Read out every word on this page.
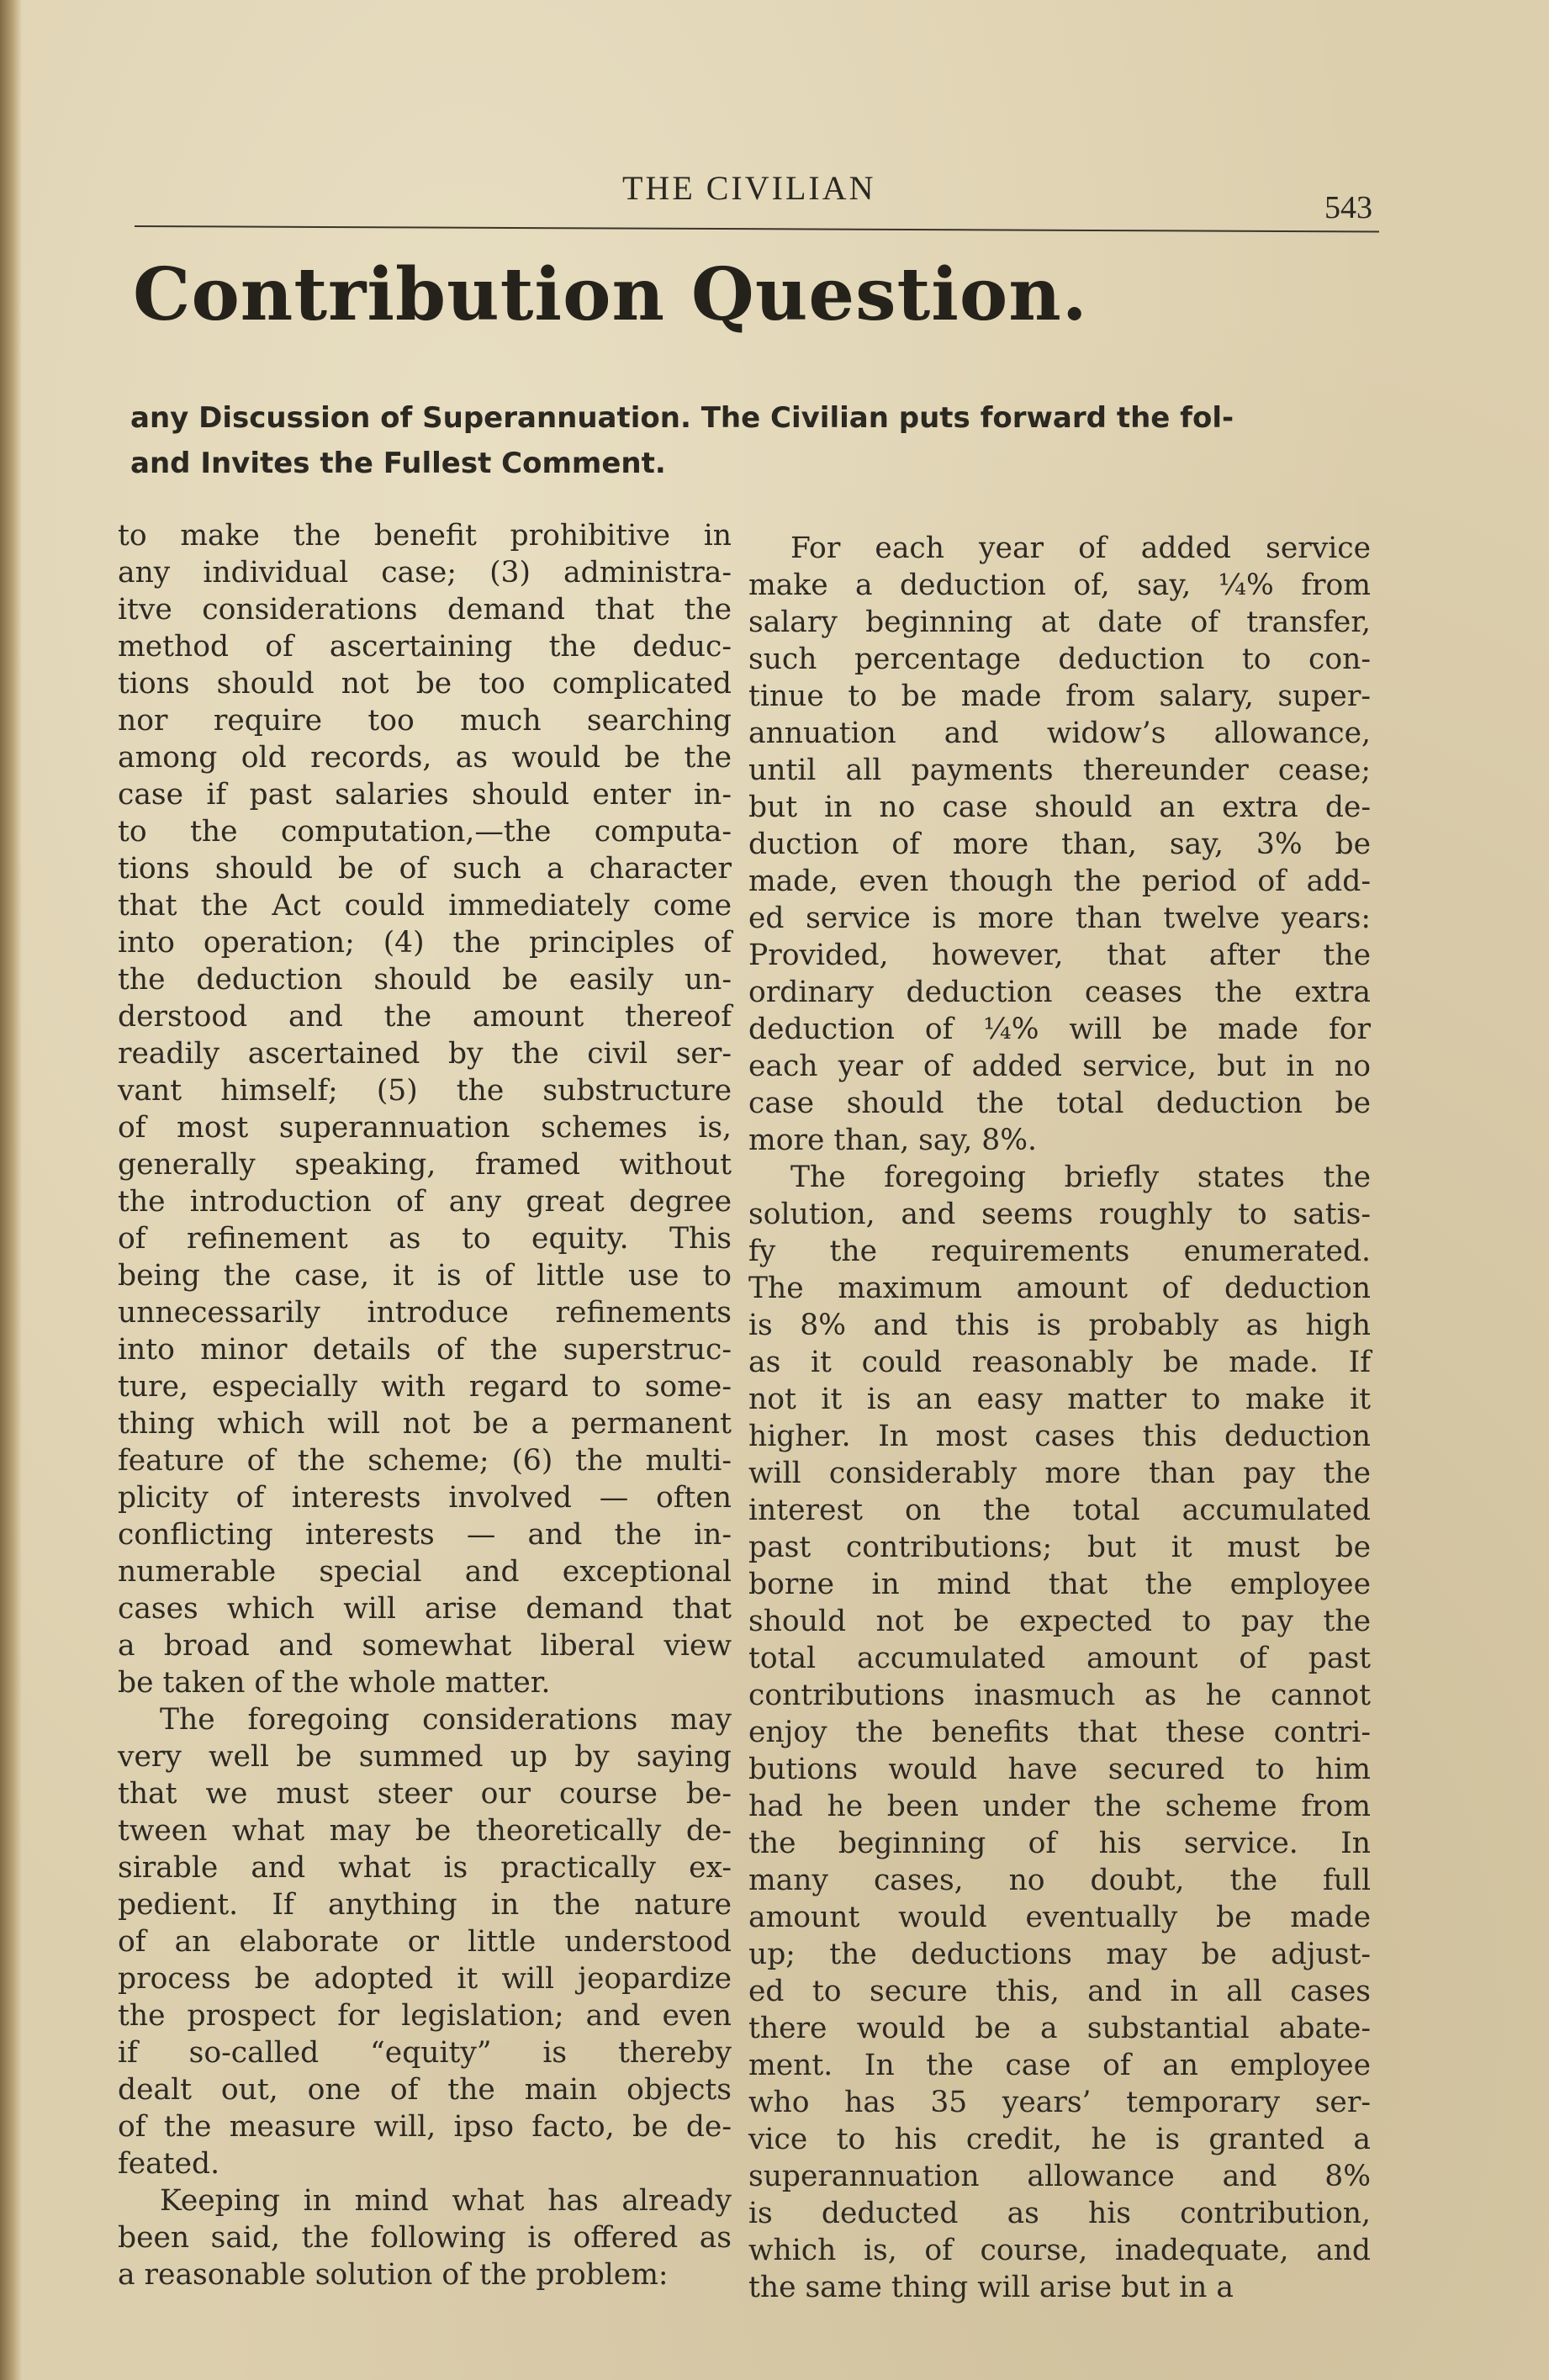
THE CIVILIAN
543
Contribution Question.
any Discussion of Superannuation. The Civilian puts forward the fol-
and Invites the Fullest Comment.
to make the benefit prohibitive in
any individual case; (3) administra-
itve considerations demand that the
method of ascertaining the deduc-
tions should not be too complicated
nor require too much searching
among old records, as would be the
case if past salaries should enter in-
to the computation,—the computa-
tions should be of such a character
that the Act could immediately come
into operation; (4) the principles of
the deduction should be easily un-
derstood and the amount thereof
readily ascertained by the civil ser-
vant himself; (5) the substructure
of most superannuation schemes is,
generally speaking, framed without
the introduction of any great degree
of refinement as to equity. This
being the case, it is of little use to
unnecessarily introduce refinements
into minor details of the superstruc-
ture, especially with regard to some-
thing which will not be a permanent
feature of the scheme; (6) the multi-
plicity of interests involved — often
conflicting interests — and the in-
numerable special and exceptional
cases which will arise demand that
a broad and somewhat liberal view
be taken of the whole matter.
The foregoing considerations may
very well be summed up by saying
that we must steer our course be-
tween what may be theoretically de-
sirable and what is practically ex-
pedient. If anything in the nature
of an elaborate or little understood
process be adopted it will jeopardize
the prospect for legislation; and even
if so-called “equity” is thereby
dealt out, one of the main objects
of the measure will, ipso facto, be de-
feated.
Keeping in mind what has already
been said, the following is offered as
a reasonable solution of the problem:
For each year of added service
make a deduction of, say, ¼% from
salary beginning at date of transfer,
such percentage deduction to con-
tinue to be made from salary, super-
annuation and widow’s allowance,
until all payments thereunder cease;
but in no case should an extra de-
duction of more than, say, 3% be
made, even though the period of add-
ed service is more than twelve years:
Provided, however, that after the
ordinary deduction ceases the extra
deduction of ¼% will be made for
each year of added service, but in no
case should the total deduction be
more than, say, 8%.
The foregoing briefly states the
solution, and seems roughly to satis-
fy the requirements enumerated.
The maximum amount of deduction
is 8% and this is probably as high
as it could reasonably be made. If
not it is an easy matter to make it
higher. In most cases this deduction
will considerably more than pay the
interest on the total accumulated
past contributions; but it must be
borne in mind that the employee
should not be expected to pay the
total accumulated amount of past
contributions inasmuch as he cannot
enjoy the benefits that these contri-
butions would have secured to him
had he been under the scheme from
the beginning of his service. In
many cases, no doubt, the full
amount would eventually be made
up; the deductions may be adjust-
ed to secure this, and in all cases
there would be a substantial abate-
ment. In the case of an employee
who has 35 years’ temporary ser-
vice to his credit, he is granted a
superannuation allowance and 8%
is deducted as his contribution,
which is, of course, inadequate, and
the same thing will arise but in a
